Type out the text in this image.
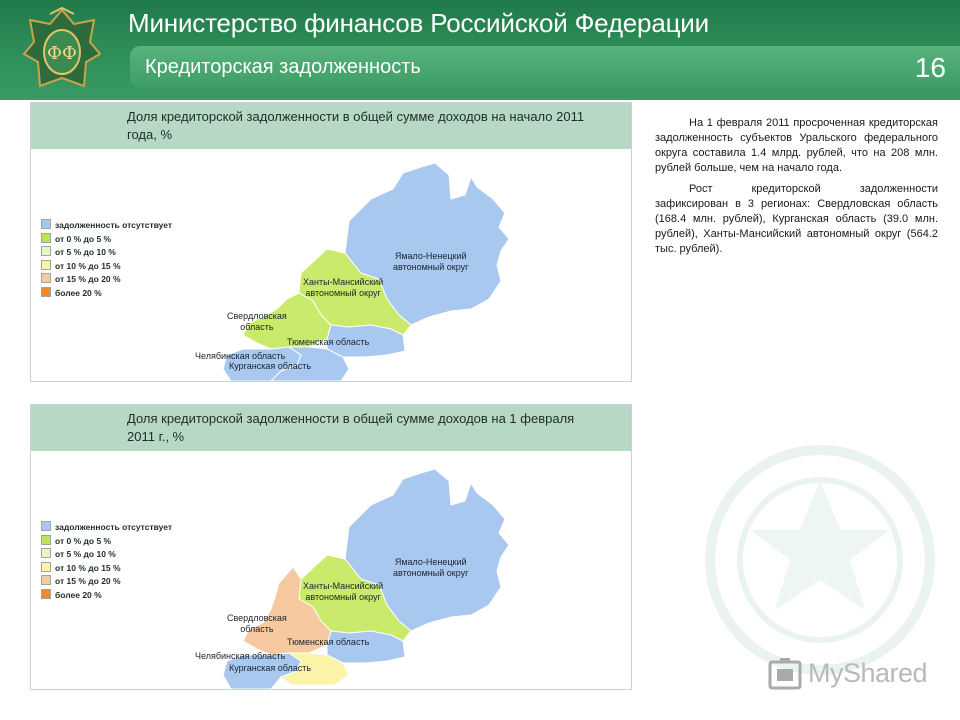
ФФ
Министерство финансов Российской Федерации
Кредиторская задолженность	16
Доля кредиторской задолженности в общей сумме доходов на начало 2011 года, %
задолженность отсутствует
от 0 % до 5 %
от 5 % до 10 %
от 10 % до 15 %
от 15 % до 20 %
более 20 %
Ямало-Ненецкий
автономный округ
Ханты-Мансийский
автономный округ
Свердловская
область
Тюменская область
Челябинская область
Курганская область
Доля кредиторской задолженности в общей сумме доходов на 1 февраля 2011 г., %
задолженность отсутствует
от 0 % до 5 %
от 5 % до 10 %
от 10 % до 15 %
от 15 % до 20 %
более 20 %
Ямало-Ненецкий
автономный округ
Ханты-Мансийский
автономный округ
Свердловская
область
Тюменская область
Челябинская область
Курганская область

На 1 февраля 2011 просроченная кредиторская задолженность субъектов Уральского федерального округа составила 1.4 млрд. рублей, что на 208 млн. рублей больше, чем на начало года.

Рост кредиторской задолженности зафиксирован в 3 регионах: Свердловская область (168.4 млн. рублей), Курганская область (39.0 млн. рублей), Ханты-Мансийский автономный округ (564.2 тыс. рублей).

MyShared
